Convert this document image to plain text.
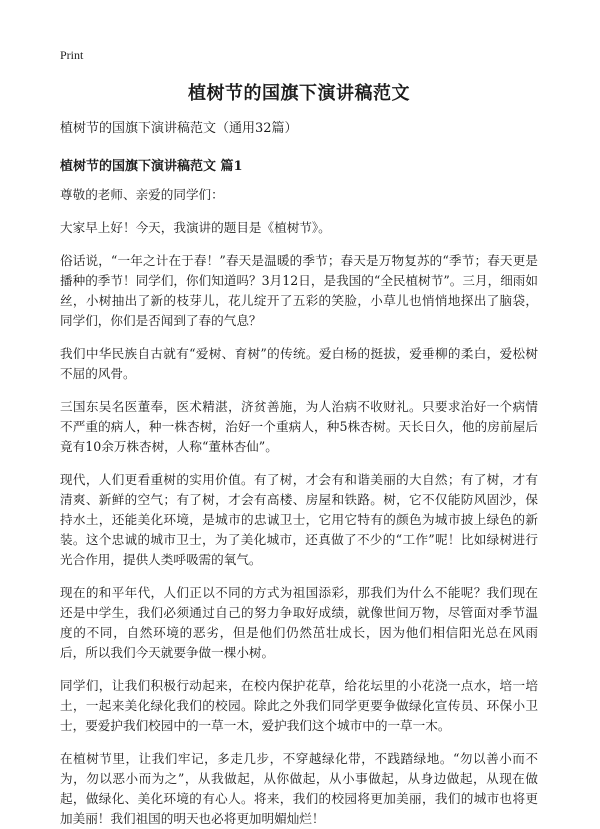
Print
植树节的国旗下演讲稿范文

植树节的国旗下演讲稿范文（通用32篇）

植树节的国旗下演讲稿范文 篇1

尊敬的老师、亲爱的同学们：

大家早上好！今天，我演讲的题目是《植树节》。

俗话说，“一年之计在于春！”春天是温暖的季节；春天是万物复苏的“季节；春天更是播种的季节！同学们，你们知道吗？3月12日，是我国的“全民植树节”。三月，细雨如丝，小树抽出了新的枝芽儿，花儿绽开了五彩的笑脸，小草儿也悄悄地探出了脑袋，同学们，你们是否闻到了春的气息？

我们中华民族自古就有“爱树、育树”的传统。爱白杨的挺拔，爱垂柳的柔白，爱松树不屈的风骨。

三国东吴名医董奉，医术精湛，济贫善施，为人治病不收财礼。只要求治好一个病情不严重的病人，种一株杏树，治好一个重病人，种5株杏树。天长日久，他的房前屋后竟有10余万株杏树，人称“董林杏仙”。

现代，人们更看重树的实用价值。有了树，才会有和谐美丽的大自然；有了树，才有清爽、新鲜的空气；有了树，才会有高楼、房屋和铁路。树，它不仅能防风固沙，保持水土，还能美化环境，是城市的忠诚卫士，它用它特有的颜色为城市披上绿色的新装。这个忠诚的城市卫士，为了美化城市，还真做了不少的“工作”呢！比如绿树进行光合作用，提供人类呼吸需的氧气。

现在的和平年代，人们正以不同的方式为祖国添彩，那我们为什么不能呢？我们现在还是中学生，我们必须通过自己的努力争取好成绩，就像世间万物，尽管面对季节温度的不同，自然环境的恶劣，但是他们仍然茁壮成长，因为他们相信阳光总在风雨后，所以我们今天就要争做一棵小树。

同学们，让我们积极行动起来，在校内保护花草，给花坛里的小花浇一点水，培一培土，一起来美化绿化我们的校园。除此之外我们同学更要争做绿化宣传员、环保小卫士，要爱护我们校园中的一草一木，爱护我们这个城市中的一草一木。

在植树节里，让我们牢记，多走几步，不穿越绿化带，不践踏绿地。“勿以善小而不为，勿以恶小而为之”，从我做起，从你做起，从小事做起，从身边做起，从现在做起，做绿化、美化环境的有心人。将来，我们的校园将更加美丽，我们的城市也将更加美丽！我们祖国的明天也必将更加明媚灿烂！
